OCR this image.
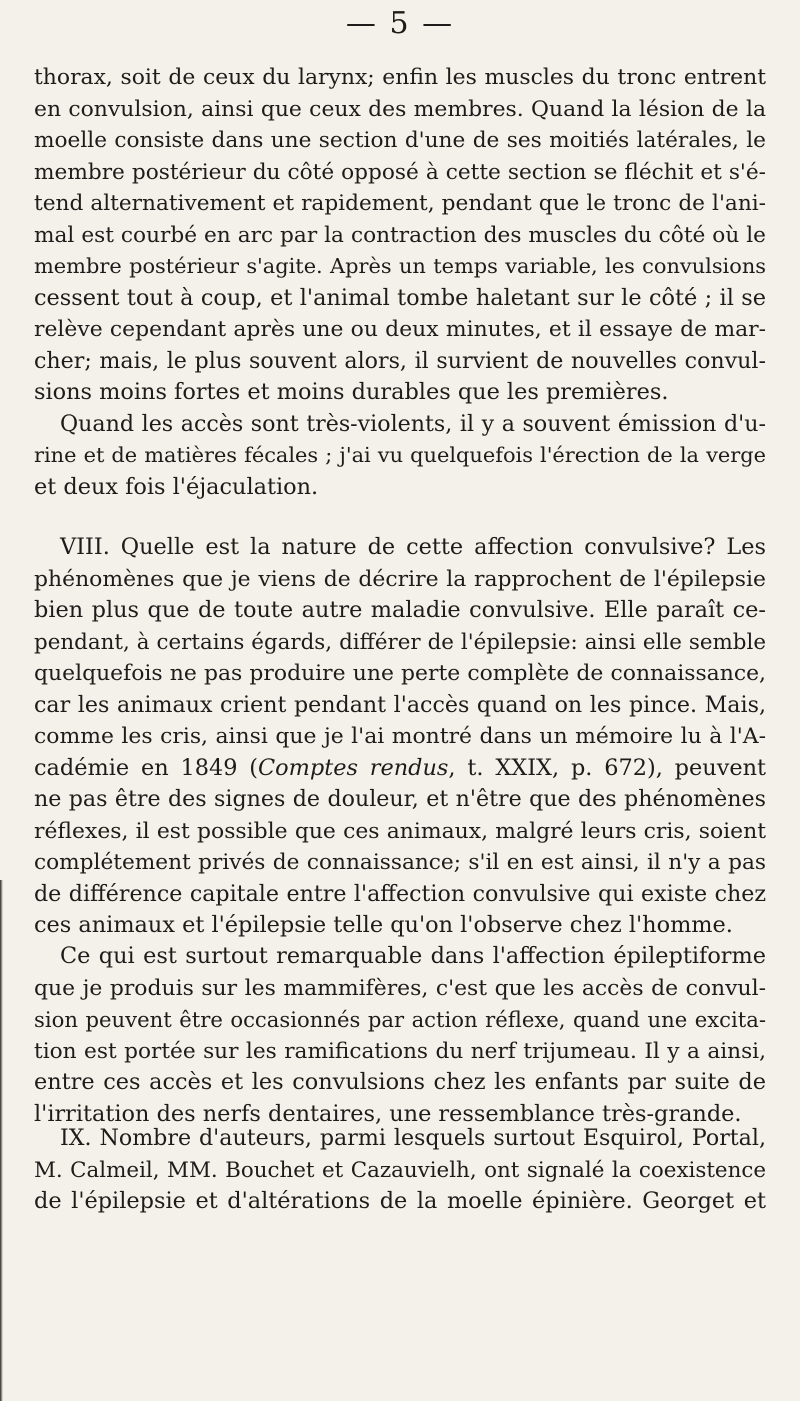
— 5 —
thorax, soit de ceux du larynx; enfin les muscles du tronc entrent
en convulsion, ainsi que ceux des membres. Quand la lésion de la
moelle consiste dans une section d'une de ses moitiés latérales, le
membre postérieur du côté opposé à cette section se fléchit et s'é-
tend alternativement et rapidement, pendant que le tronc de l'ani-
mal est courbé en arc par la contraction des muscles du côté où le
membre postérieur s'agite. Après un temps variable, les convulsions
cessent tout à coup, et l'animal tombe haletant sur le côté ; il se
relève cependant après une ou deux minutes, et il essaye de mar-
cher; mais, le plus souvent alors, il survient de nouvelles convul-
sions moins fortes et moins durables que les premières.
Quand les accès sont très-violents, il y a souvent émission d'u-
rine et de matières fécales ; j'ai vu quelquefois l'érection de la verge
et deux fois l'éjaculation.
VIII. Quelle est la nature de cette affection convulsive? Les
phénomènes que je viens de décrire la rapprochent de l'épilepsie
bien plus que de toute autre maladie convulsive. Elle paraît ce-
pendant, à certains égards, différer de l'épilepsie: ainsi elle semble
quelquefois ne pas produire une perte complète de connaissance,
car les animaux crient pendant l'accès quand on les pince. Mais,
comme les cris, ainsi que je l'ai montré dans un mémoire lu à l'A-
cadémie en 1849 (Comptes rendus, t. XXIX, p. 672), peuvent
ne pas être des signes de douleur, et n'être que des phénomènes
réflexes, il est possible que ces animaux, malgré leurs cris, soient
complétement privés de connaissance; s'il en est ainsi, il n'y a pas
de différence capitale entre l'affection convulsive qui existe chez
ces animaux et l'épilepsie telle qu'on l'observe chez l'homme.
Ce qui est surtout remarquable dans l'affection épileptiforme
que je produis sur les mammifères, c'est que les accès de convul-
sion peuvent être occasionnés par action réflexe, quand une excita-
tion est portée sur les ramifications du nerf trijumeau. Il y a ainsi,
entre ces accès et les convulsions chez les enfants par suite de
l'irritation des nerfs dentaires, une ressemblance très-grande.
IX. Nombre d'auteurs, parmi lesquels surtout Esquirol, Portal,
M. Calmeil, MM. Bouchet et Cazauvielh, ont signalé la coexistence
de l'épilepsie et d'altérations de la moelle épinière. Georget et
